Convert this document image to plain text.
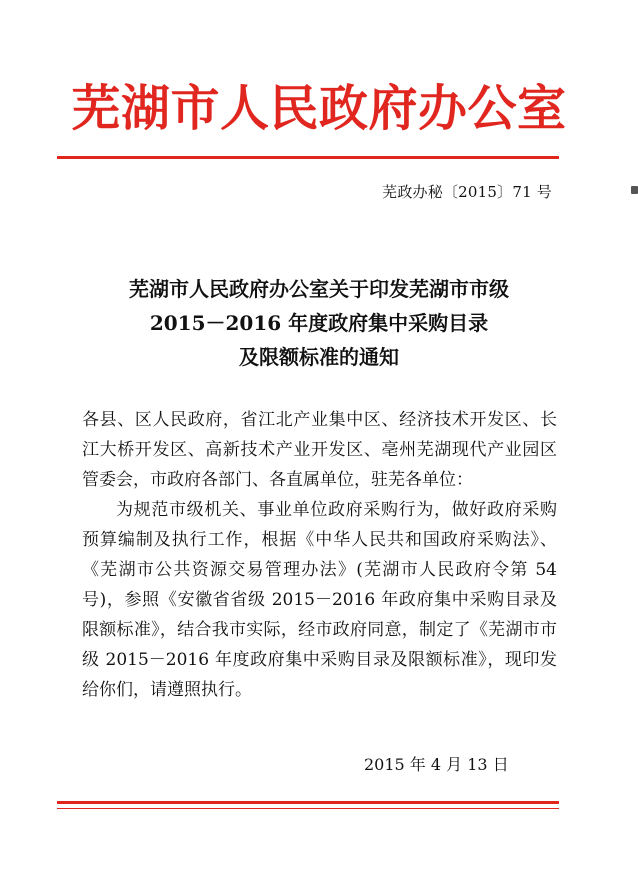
芜湖市人民政府办公室
芜政办秘〔2015〕71 号
芜湖市人民政府办公室关于印发芜湖市市级
2015－2016 年度政府集中采购目录
及限额标准的通知

各县、区人民政府，省江北产业集中区、经济技术开发区、长江大桥开发区、高新技术产业开发区、亳州芜湖现代产业园区管委会，市政府各部门、各直属单位，驻芜各单位：

为规范市级机关、事业单位政府采购行为，做好政府采购预算编制及执行工作，根据《中华人民共和国政府采购法》、《芜湖市公共资源交易管理办法》(芜湖市人民政府令第 54 号)，参照《安徽省省级 2015－2016 年政府集中采购目录及限额标准》，结合我市实际，经市政府同意，制定了《芜湖市市级 2015－2016 年度政府集中采购目录及限额标准》，现印发给你们，请遵照执行。

2015 年 4 月 13 日
